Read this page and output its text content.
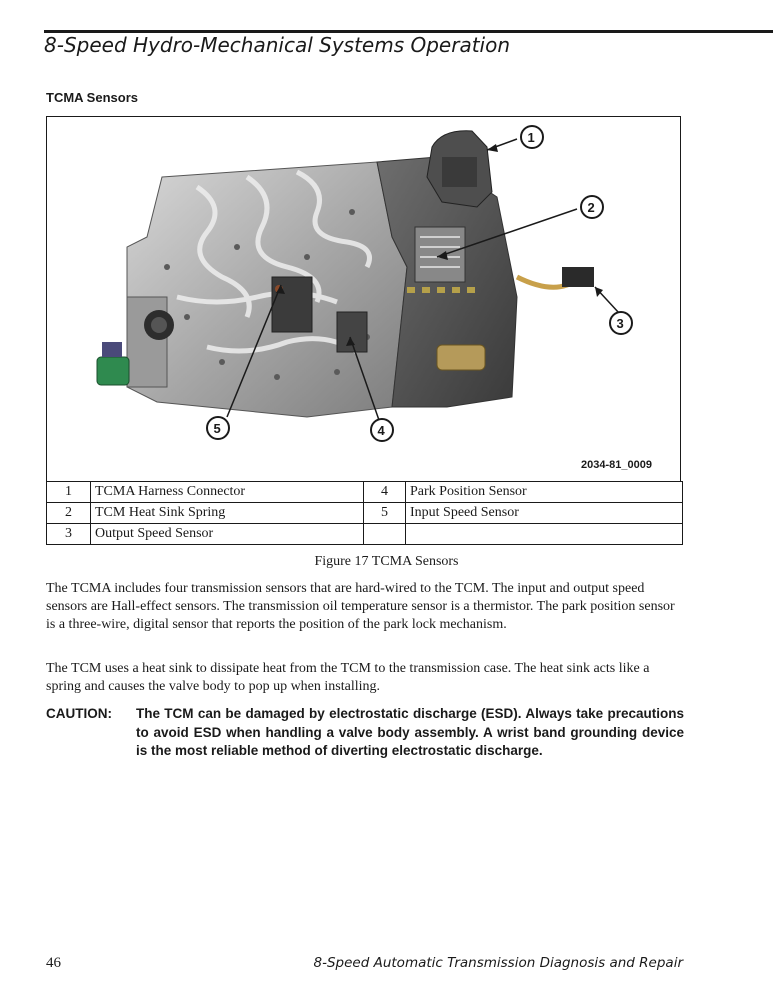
8-Speed Hydro-Mechanical Systems Operation
TCMA Sensors
1
2
3
4
5
2034-81_0009
1	TCMA Harness Connector	4	Park Position Sensor
2	TCM Heat Sink Spring	5	Input Speed Sensor
3	Output Speed Sensor		
Figure 17 TCMA Sensors

The TCMA includes four transmission sensors that are hard-wired to the TCM. The input and output speed sensors are Hall-effect sensors. The transmission oil temperature sensor is a thermistor. The park position sensor is a three-wire, digital sensor that reports the position of the park lock mechanism.

The TCM uses a heat sink to dissipate heat from the TCM to the transmission case. The heat sink acts like a spring and causes the valve body to pop up when installing.

CAUTION: The TCM can be damaged by electrostatic discharge (ESD). Always take precautions to avoid ESD when handling a valve body assembly. A wrist band grounding device is the most reliable method of diverting electrostatic discharge.
46	8-Speed Automatic Transmission Diagnosis and Repair
